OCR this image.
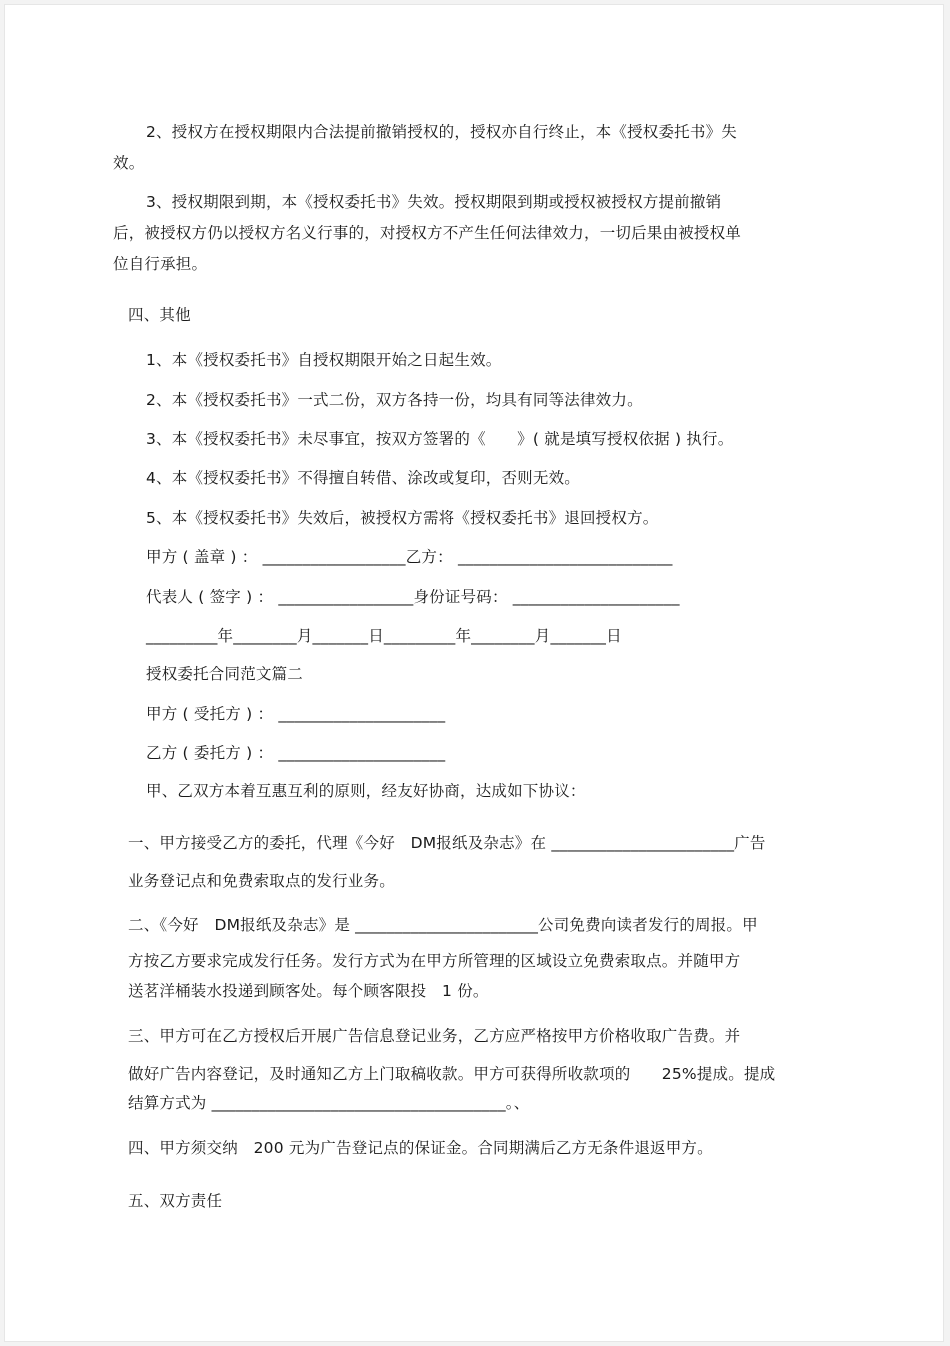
2、授权方在授权期限内合法提前撤销授权的，授权亦自行终止，本《授权委托书》失
效。
3、授权期限到期，本《授权委托书》失效。授权期限到期或授权被授权方提前撤销
后，被授权方仍以授权方名义行事的，对授权方不产生任何法律效力，一切后果由被授权单
位自行承担。
四、其他
1、本《授权委托书》自授权期限开始之日起生效。
2、本《授权委托书》一式二份，双方各持一份，均具有同等法律效力。
3、本《授权委托书》未尽事宜，按双方签署的《　　》( 就是填写授权依据 ) 执行。
4、本《授权委托书》不得擅自转借、涂改或复印，否则无效。
5、本《授权委托书》失效后，被授权方需将《授权委托书》退回授权方。
甲方 ( 盖章 ) ： __________________乙方： ___________________________
代表人 ( 签字 ) ： _________________身份证号码： _____________________
_________年________月_______日_________年________月_______日
授权委托合同范文篇二
甲方 ( 受托方 ) ： _____________________
乙方 ( 委托方 ) ： _____________________
甲、乙双方本着互惠互利的原则，经友好协商，达成如下协议：
一、甲方接受乙方的委托，代理《今好　DM报纸及杂志》在 _______________________广告
业务登记点和免费索取点的发行业务。
二、《今好　DM报纸及杂志》是 _______________________公司免费向读者发行的周报。甲
方按乙方要求完成发行任务。发行方式为在甲方所管理的区域设立免费索取点。并随甲方
送茗洋桶装水投递到顾客处。每个顾客限投　1 份。
三、甲方可在乙方授权后开展广告信息登记业务，乙方应严格按甲方价格收取广告费。并
做好广告内容登记，及时通知乙方上门取稿收款。甲方可获得所收款项的　　25%提成。提成
结算方式为 _____________________________________。、
四、甲方须交纳　200 元为广告登记点的保证金。合同期满后乙方无条件退返甲方。
五、双方责任
